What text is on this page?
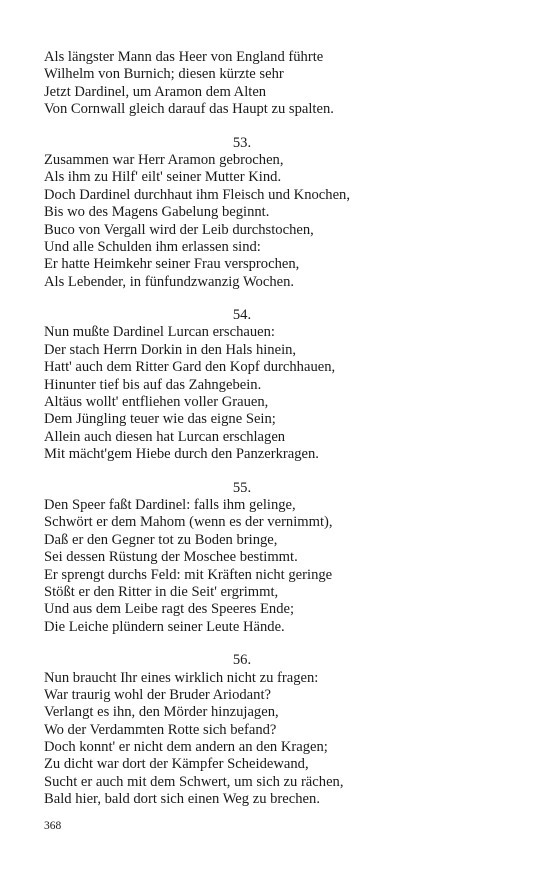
Als längster Mann das Heer von England führte
Wilhelm von Burnich; diesen kürzte sehr
Jetzt Dardinel, um Aramon dem Alten
Von Cornwall gleich darauf das Haupt zu spalten.
53.
Zusammen war Herr Aramon gebrochen,
Als ihm zu Hilf' eilt' seiner Mutter Kind.
Doch Dardinel durchhaut ihm Fleisch und Knochen,
Bis wo des Magens Gabelung beginnt.
Buco von Vergall wird der Leib durchstochen,
Und alle Schulden ihm erlassen sind:
Er hatte Heimkehr seiner Frau versprochen,
Als Lebender, in fünfundzwanzig Wochen.
54.
Nun mußte Dardinel Lurcan erschauen:
Der stach Herrn Dorkin in den Hals hinein,
Hatt' auch dem Ritter Gard den Kopf durchhauen,
Hinunter tief bis auf das Zahngebein.
Altäus wollt' entfliehen voller Grauen,
Dem Jüngling teuer wie das eigne Sein;
Allein auch diesen hat Lurcan erschlagen
Mit mächt'gem Hiebe durch den Panzerkragen.
55.
Den Speer faßt Dardinel: falls ihm gelinge,
Schwört er dem Mahom (wenn es der vernimmt),
Daß er den Gegner tot zu Boden bringe,
Sei dessen Rüstung der Moschee bestimmt.
Er sprengt durchs Feld: mit Kräften nicht geringe
Stößt er den Ritter in die Seit' ergrimmt,
Und aus dem Leibe ragt des Speeres Ende;
Die Leiche plündern seiner Leute Hände.
56.
Nun braucht Ihr eines wirklich nicht zu fragen:
War traurig wohl der Bruder Ariodant?
Verlangt es ihn, den Mörder hinzujagen,
Wo der Verdammten Rotte sich befand?
Doch konnt' er nicht dem andern an den Kragen;
Zu dicht war dort der Kämpfer Scheidewand,
Sucht er auch mit dem Schwert, um sich zu rächen,
Bald hier, bald dort sich einen Weg zu brechen.
368
